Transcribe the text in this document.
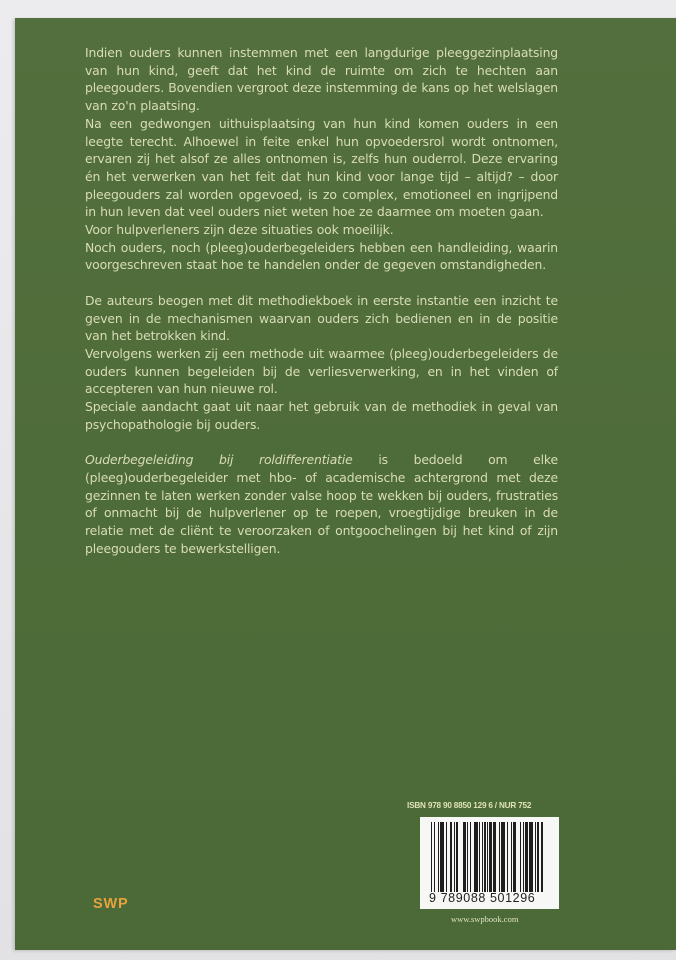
Indien ouders kunnen instemmen met een langdurige pleeggezinplaatsing van hun kind, geeft dat het kind de ruimte om zich te hechten aan pleegouders. Bovendien vergroot deze instemming de kans op het welslagen van zo'n plaatsing.

Na een gedwongen uithuisplaatsing van hun kind komen ouders in een leegte terecht. Alhoewel in feite enkel hun opvoedersrol wordt ontnomen, ervaren zij het alsof ze alles ontnomen is, zelfs hun ouderrol. Deze ervaring én het verwerken van het feit dat hun kind voor lange tijd – altijd? – door pleegouders zal worden opgevoed, is zo complex, emotioneel en ingrijpend in hun leven dat veel ouders niet weten hoe ze daarmee om moeten gaan.

Voor hulpverleners zijn deze situaties ook moeilijk.

Noch ouders, noch (pleeg)ouderbegeleiders hebben een handleiding, waarin voorgeschreven staat hoe te handelen onder de gegeven omstandigheden.

De auteurs beogen met dit methodiekboek in eerste instantie een inzicht te geven in de mechanismen waarvan ouders zich bedienen en in de positie van het betrokken kind.

Vervolgens werken zij een methode uit waarmee (pleeg)ouderbegeleiders de ouders kunnen begeleiden bij de verliesverwerking, en in het vinden of accepteren van hun nieuwe rol.

Speciale aandacht gaat uit naar het gebruik van de methodiek in geval van psychopathologie bij ouders.

Ouderbegeleiding bij roldifferentiatie is bedoeld om elke (pleeg)ouderbegeleider met hbo- of academische achtergrond met deze gezinnen te laten werken zonder valse hoop te wekken bij ouders, frustraties of onmacht bij de hulpverlener op te roepen, vroegtijdige breuken in de relatie met de cliënt te veroorzaken of ontgoochelingen bij het kind of zijn pleegouders te bewerkstelligen.

ISBN 978 90 8850 129 6 / NUR 752
9 789088 501296
www.swpbook.com
SWP
